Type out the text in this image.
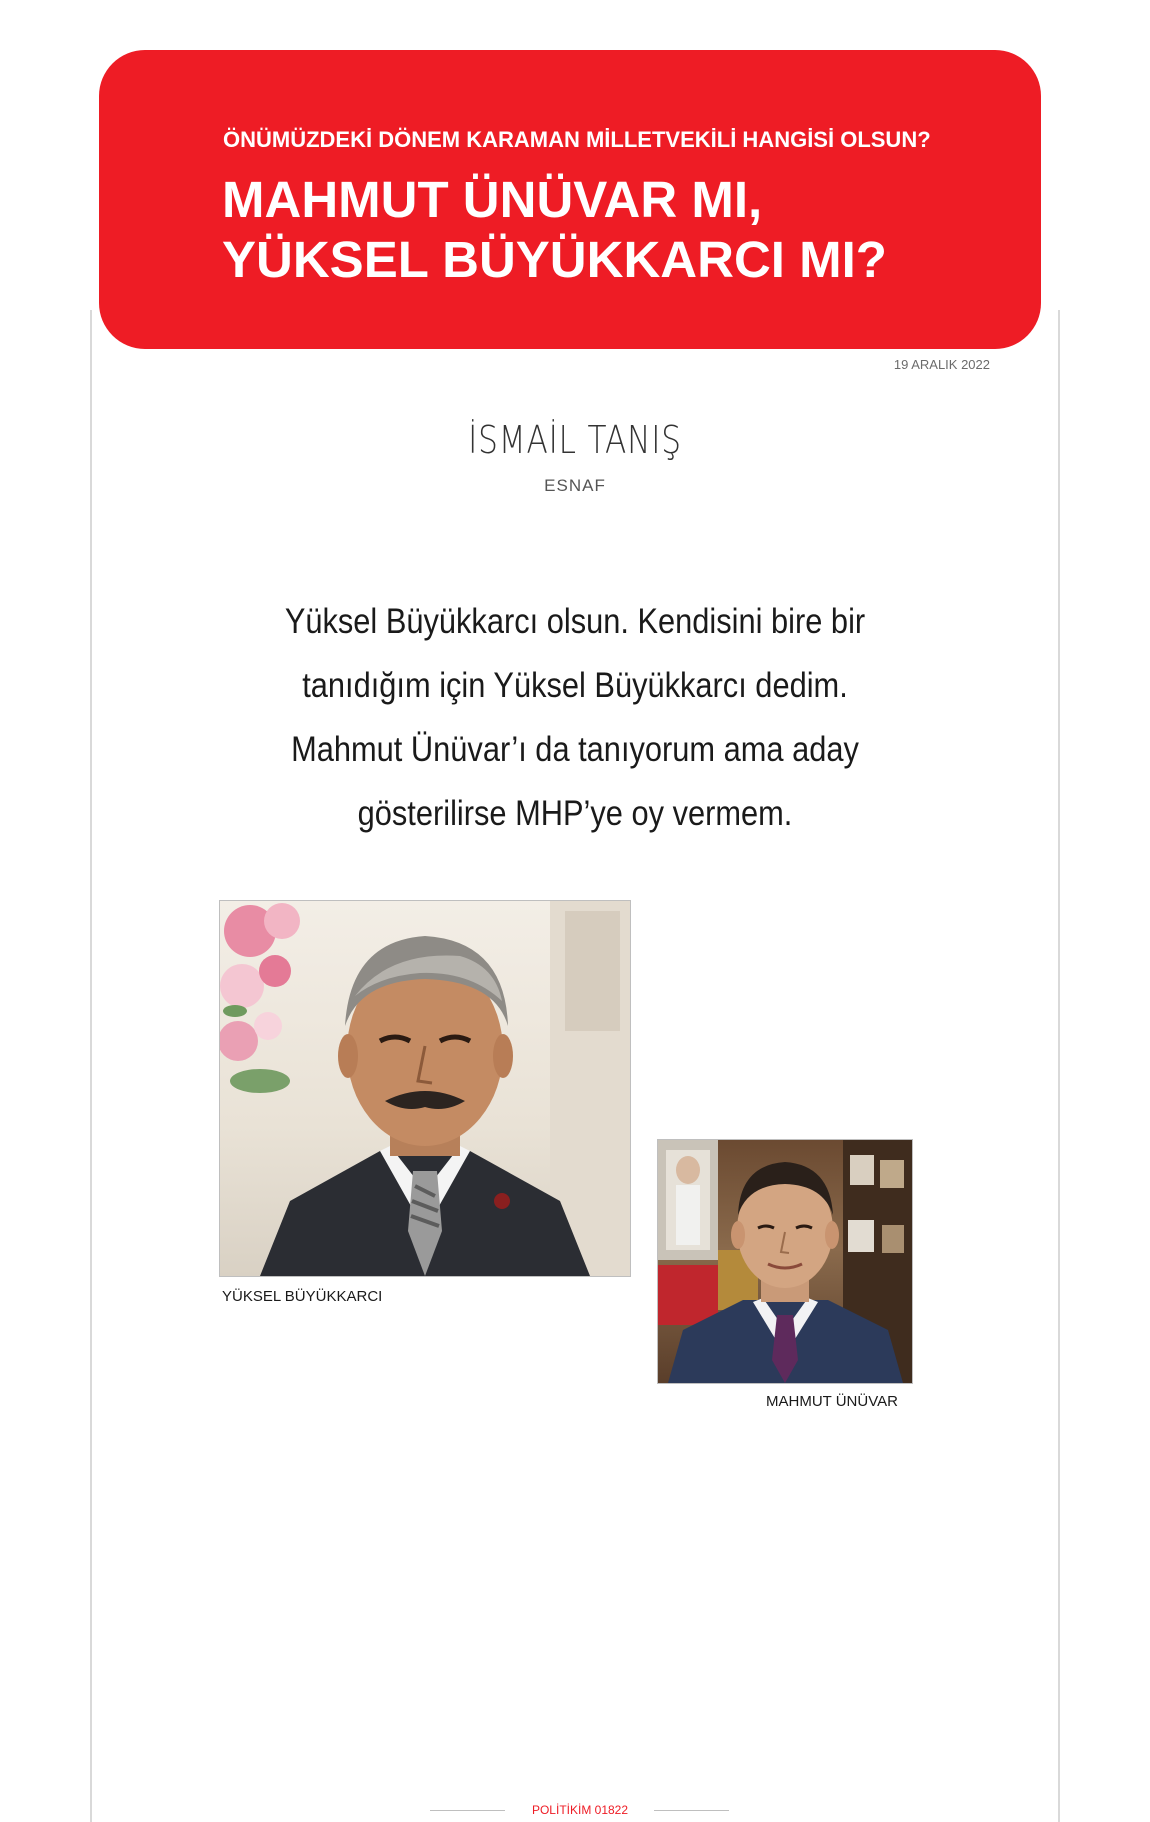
ÖNÜMÜZDEKİ DÖNEM KARAMAN MİLLETVEKİLİ HANGİSİ OLSUN?
MAHMUT ÜNÜVAR MI,
YÜKSEL BÜYÜKKARCI MI?
19 ARALIK 2022
İSMAİL TANIŞ
ESNAF
Yüksel Büyükkarcı olsun. Kendisini bire bir
tanıdığım için Yüksel Büyükkarcı dedim.
Mahmut Ünüvar’ı da tanıyorum ama aday
gösterilirse MHP’ye oy vermem.
YÜKSEL BÜYÜKKARCI
MAHMUT ÜNÜVAR
POLİTİKİM 01822
